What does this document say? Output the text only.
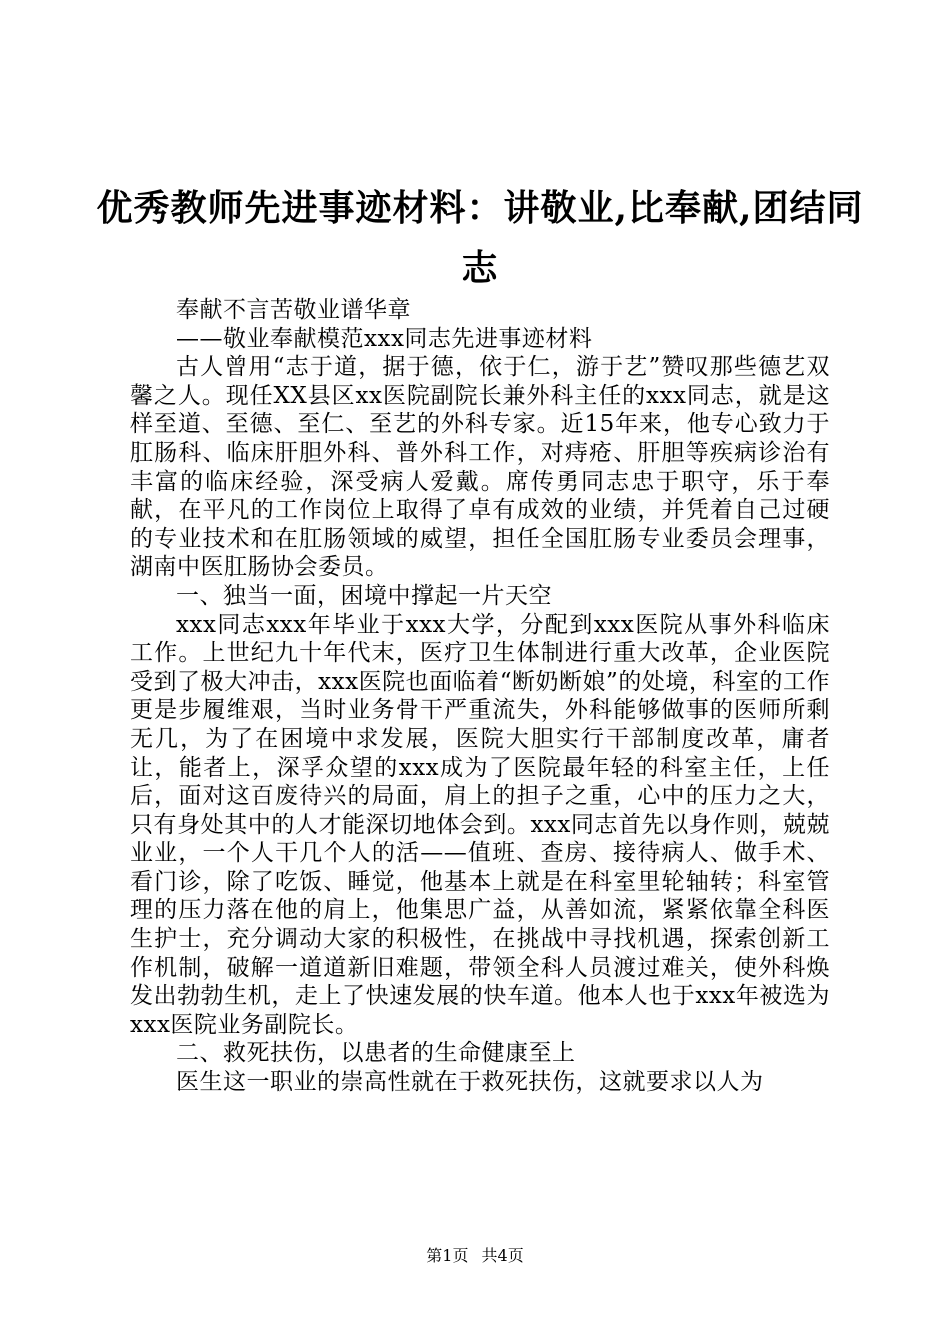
优秀教师先进事迹材料：讲敬业,比奉献,团结同志

奉献不言苦敬业谱华章

——敬业奉献模范xxx同志先进事迹材料

古人曾用“志于道，据于德，依于仁，游于艺”赞叹那些德艺双馨之人。现任XX县区xx医院副院长兼外科主任的xxx同志，就是这样至道、至德、至仁、至艺的外科专家。近15年来，他专心致力于肛肠科、临床肝胆外科、普外科工作，对痔疮、肝胆等疾病诊治有丰富的临床经验，深受病人爱戴。席传勇同志忠于职守，乐于奉献，在平凡的工作岗位上取得了卓有成效的业绩，并凭着自己过硬的专业技术和在肛肠领域的威望，担任全国肛肠专业委员会理事，湖南中医肛肠协会委员。

一、独当一面，困境中撑起一片天空

xxx同志xxx年毕业于xxx大学，分配到xxx医院从事外科临床工作。上世纪九十年代末，医疗卫生体制进行重大改革，企业医院受到了极大冲击，xxx医院也面临着“断奶断娘”的处境，科室的工作更是步履维艰，当时业务骨干严重流失，外科能够做事的医师所剩无几，为了在困境中求发展，医院大胆实行干部制度改革，庸者让，能者上，深孚众望的xxx成为了医院最年轻的科室主任，上任后，面对这百废待兴的局面，肩上的担子之重，心中的压力之大，只有身处其中的人才能深切地体会到。xxx同志首先以身作则，兢兢业业，一个人干几个人的活——值班、查房、接待病人、做手术、看门诊，除了吃饭、睡觉，他基本上就是在科室里轮轴转；科室管理的压力落在他的肩上，他集思广益，从善如流，紧紧依靠全科医生护士，充分调动大家的积极性，在挑战中寻找机遇，探索创新工作机制，破解一道道新旧难题，带领全科人员渡过难关，使外科焕发出勃勃生机，走上了快速发展的快车道。他本人也于xxx年被选为xxx医院业务副院长。

二、救死扶伤，以患者的生命健康至上

医生这一职业的崇高性就在于救死扶伤，这就要求以人为

第1页 共4页
